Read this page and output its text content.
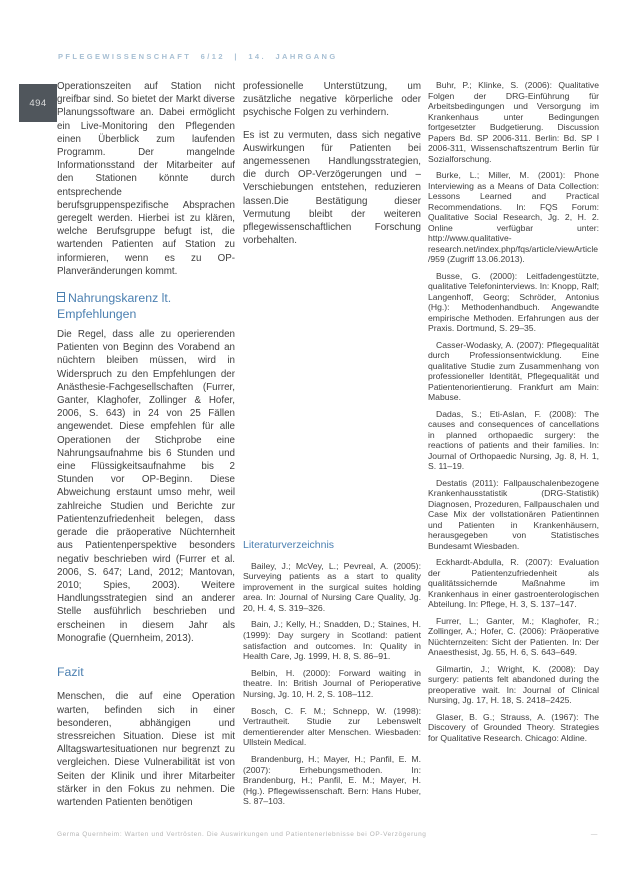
PFLEGEWISSENSCHAFT 6/12 | 14. JAHRGANG
494

Operationszeiten auf Station nicht greifbar sind. So bietet der Markt diverse Planungssoftware an. Dabei ermöglicht ein Live-Monitoring den Pflegenden einen Überblick zum laufenden Programm. Der mangelnde Informationsstand der Mitarbeiter auf den Stationen könnte durch entsprechende berufsgruppenspezifische Absprachen geregelt werden. Hierbei ist zu klären, welche Berufsgruppe befugt ist, die wartenden Patienten auf Station zu informieren, wenn es zu OP-Planveränderungen kommt.

Nahrungskarenz lt. Empfehlungen

Die Regel, dass alle zu operierenden Patienten von Beginn des Vorabend an nüchtern bleiben müssen, wird in Widerspruch zu den Empfehlungen der Anästhesie-Fachgesellschaften (Furrer, Ganter, Klaghofer, Zollinger & Hofer, 2006, S. 643) in 24 von 25 Fällen angewendet. Diese empfehlen für alle Operationen der Stichprobe eine Nahrungsaufnahme bis 6 Stunden und eine Flüssigkeitsaufnahme bis 2 Stunden vor OP-Beginn. Diese Abweichung erstaunt umso mehr, weil zahlreiche Studien und Berichte zur Patientenzufriedenheit belegen, dass gerade die präoperative Nüchternheit aus Patientenperspektive besonders negativ beschrieben wird (Furrer et al. 2006, S. 647; Land, 2012; Mantovan, 2010; Spies, 2003). Weitere Handlungsstrategien sind an anderer Stelle ausführlich beschrieben und erscheinen in diesem Jahr als Monografie (Quernheim, 2013).

Fazit

Menschen, die auf eine Operation warten, befinden sich in einer besonderen, abhängigen und stressreichen Situation. Diese ist mit Alltagswartesituationen nur begrenzt zu vergleichen. Diese Vulnerabilität ist von Seiten der Klinik und ihrer Mitarbeiter stärker in den Fokus zu nehmen. Die wartenden Patienten benötigen

professionelle Unterstützung, um zusätzliche negative körperliche oder psychische Folgen zu verhindern.

Es ist zu vermuten, dass sich negative Auswirkungen für Patienten bei angemessenen Handlungsstrategien, die durch OP-Verzögerungen und –Verschiebungen entstehen, reduzieren lassen.Die Bestätigung dieser Vermutung bleibt der weiteren pflegewissenschaftlichen Forschung vorbehalten.

Literaturverzeichnis

Bailey, J.; McVey, L.; Pevreal, A. (2005): Surveying patients as a start to quality improvement in the surgical suites holding area. In: Journal of Nursing Care Quality, Jg. 20, H. 4, S. 319–326.

Bain, J.; Kelly, H.; Snadden, D.; Staines, H. (1999): Day surgery in Scotland: patient satisfaction and outcomes. In: Quality in Health Care, Jg. 1999, H. 8, S. 86–91.

Belbin, H. (2000): Forward waiting in theatre. In: British Journal of Perioperative Nursing, Jg. 10, H. 2, S. 108–112.

Bosch, C. F. M.; Schnepp, W. (1998): Vertrautheit. Studie zur Lebenswelt dementierender alter Menschen. Wiesbaden: Ullstein Medical.

Brandenburg, H.; Mayer, H.; Panfil, E. M. (2007): Erhebungsmethoden. In: Brandenburg, H.; Panfil, E. M.; Mayer, H. (Hg.). Pflegewissenschaft. Bern: Hans Huber, S. 87–103.

Buhr, P.; Klinke, S. (2006): Qualitative Folgen der DRG-Einführung für Arbeitsbedingungen und Versorgung im Krankenhaus unter Bedingungen fortgesetzter Budgetierung. Discussion Papers Bd. SP 2006-311. Berlin: Bd. SP I 2006-311, Wissenschaftszentrum Berlin für Sozialforschung.

Burke, L.; Miller, M. (2001): Phone Interviewing as a Means of Data Collection: Lessons Learned and Practical Recommendations. In: FQS Forum: Qualitative Social Research, Jg. 2, H. 2. Online verfügbar unter: http://www.qualitative-research.net/index.php/fqs/article/viewArticle/959 (Zugriff 13.06.2013).

Busse, G. (2000): Leitfadengestützte, qualitative Telefoninterviews. In: Knopp, Ralf; Langenhoff, Georg; Schröder, Antonius (Hg.): Methodenhandbuch. Angewandte empirische Methoden. Erfahrungen aus der Praxis. Dortmund, S. 29–35.

Casser-Wodasky, A. (2007): Pflegequalität durch Professionsentwicklung. Eine qualitative Studie zum Zusammenhang von professioneller Identität, Pflegequalität und Patientenorientierung. Frankfurt am Main: Mabuse.

Dadas, S.; Eti-Aslan, F. (2008): The causes and consequences of cancellations in planned orthopaedic surgery: the reactions of patients and their families. In: Journal of Orthopaedic Nursing, Jg. 8, H. 1, S. 11–19.

Destatis (2011): Fallpauschalenbezogene Krankenhausstatistik (DRG-Statistik) Diagnosen, Prozeduren, Fallpauschalen und Case Mix der vollstationären Patientinnen und Patienten in Krankenhäusern, herausgegeben von Statistisches Bundesamt Wiesbaden.

Eckhardt-Abdulla, R. (2007): Evaluation der Patientenzufriedenheit als qualitätssichernde Maßnahme im Krankenhaus in einer gastroenterologischen Abteilung. In: Pflege, H. 3, S. 137–147.

Furrer, L.; Ganter, M.; Klaghofer, R.; Zollinger, A.; Hofer, C. (2006): Präoperative Nüchternzeiten: Sicht der Patienten. In: Der Anaesthesist, Jg. 55, H. 6, S. 643–649.

Gilmartin, J.; Wright, K. (2008): Day surgery: patients felt abandoned during the preoperative wait. In: Journal of Clinical Nursing, Jg. 17, H. 18, S. 2418–2425.

Glaser, B. G.; Strauss, A. (1967): The Discovery of Grounded Theory. Strategies for Qualitative Research. Chicago: Aldine.

Germa Quernheim: Warten und Vertrösten. Die Auswirkungen und Patientenerlebnisse bei OP-Verzögerung	—
